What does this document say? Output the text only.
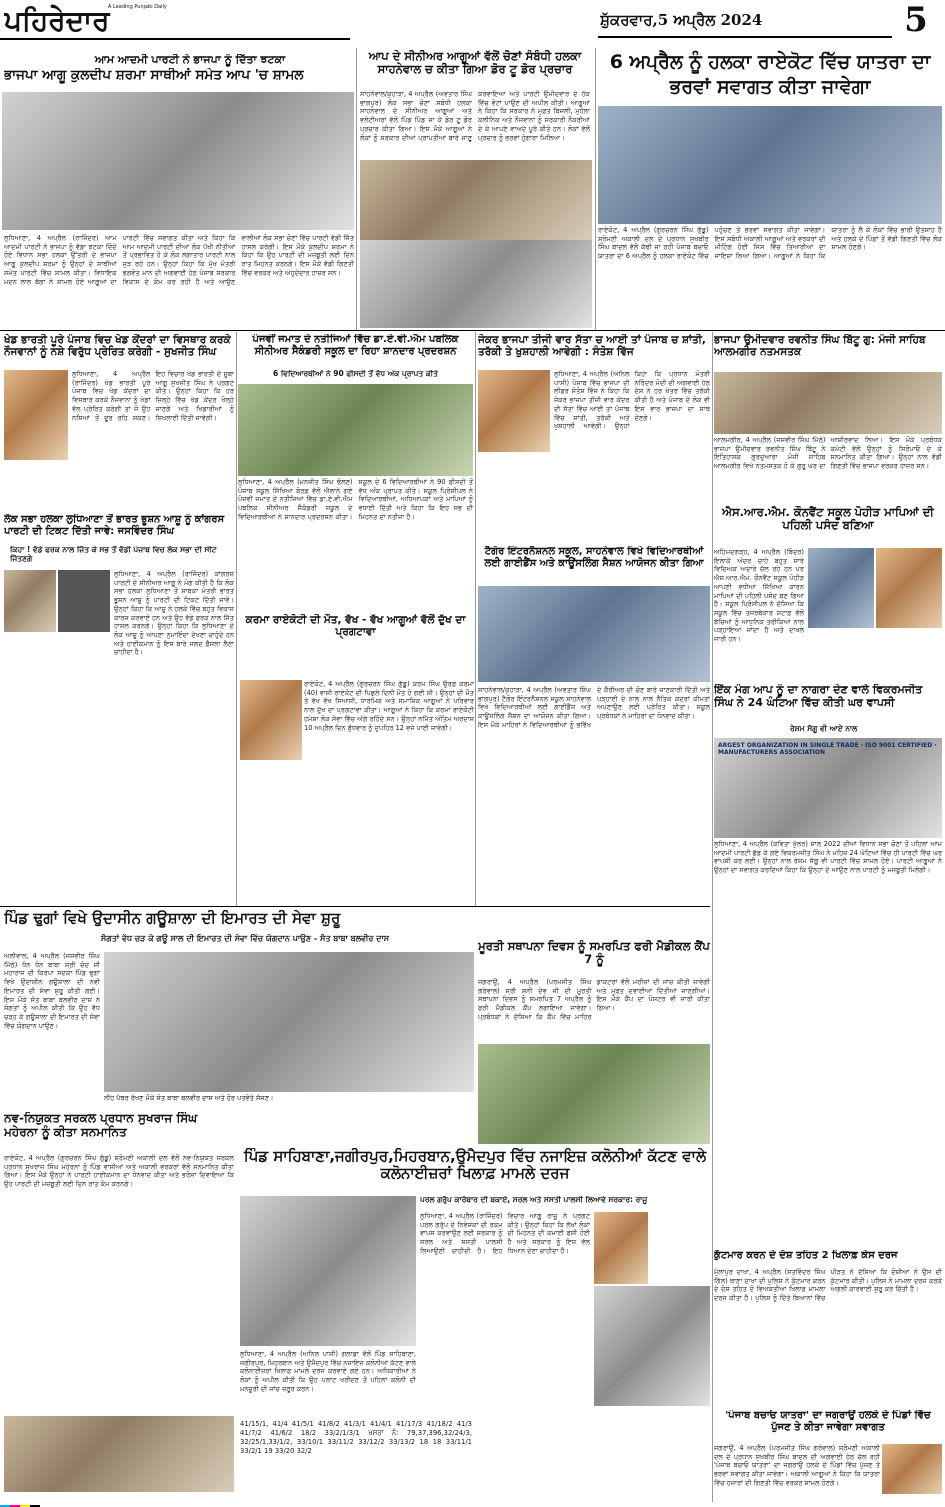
ਪਹਿਰੇਦਾਰ
A Leading Punjabi Daily
ਸ਼ੁੱਕਰਵਾਰ,5 ਅਪ੍ਰੈਲ 2024	5
ਆਮ ਆਦਮੀ ਪਾਰਟੀ ਨੇ ਭਾਜਪਾ ਨੂੰ ਦਿੱਤਾ ਝਟਕਾ
ਭਾਜਪਾ ਆਗੂ ਕੁਲਦੀਪ ਸ਼ਰਮਾ ਸਾਥੀਆਂ ਸਮੇਤ ਆਪ 'ਚ ਸ਼ਾਮਲ
ਲੁਧਿਆਣਾ, 4 ਅਪ੍ਰੈਲ (ਰਾਜਿੰਦਰ) ਆਮ ਆਦਮੀ ਪਾਰਟੀ ਨੇ ਭਾਜਪਾ ਨੂੰ ਵੱਡਾ ਝਟਕਾ ਦਿੰਦੇ ਹੋਏ ਵਿਧਾਨ ਸਭਾ ਹਲਕਾ ਉੱਤਰੀ ਦੇ ਭਾਜਪਾ ਆਗੂ ਕੁਲਦੀਪ ਸ਼ਰਮਾ ਨੂੰ ਉਨ੍ਹਾਂ ਦੇ ਸਾਥੀਆਂ ਸਮੇਤ ਪਾਰਟੀ ਵਿੱਚ ਸ਼ਾਮਲ ਕੀਤਾ। ਵਿਧਾਇਕ ਮਦਨ ਲਾਲ ਬੱਗਾ ਨੇ ਸ਼ਾਮਲ ਹੋਏ ਆਗੂਆਂ ਦਾ ਪਾਰਟੀ ਵਿੱਚ ਸਵਾਗਤ ਕੀਤਾ ਅਤੇ ਕਿਹਾ ਕਿ ਆਮ ਆਦਮੀ ਪਾਰਟੀ ਦੀਆਂ ਲੋਕ ਪੱਖੀ ਨੀਤੀਆਂ ਤੋਂ ਪ੍ਰਭਾਵਿਤ ਹੋ ਕੇ ਲੋਕ ਲਗਾਤਾਰ ਪਾਰਟੀ ਨਾਲ ਜੁੜ ਰਹੇ ਹਨ। ਉਨ੍ਹਾਂ ਕਿਹਾ ਕਿ ਮੁੱਖ ਮੰਤਰੀ ਭਗਵੰਤ ਮਾਨ ਦੀ ਅਗਵਾਈ ਹੇਠ ਪੰਜਾਬ ਸਰਕਾਰ ਵਿਕਾਸ ਦੇ ਕੰਮ ਕਰ ਰਹੀ ਹੈ ਅਤੇ ਆਉਣ ਵਾਲੀਆਂ ਲੋਕ ਸਭਾ ਚੋਣਾਂ ਵਿੱਚ ਪਾਰਟੀ ਵੱਡੀ ਜਿੱਤ ਹਾਸਲ ਕਰੇਗੀ। ਇਸ ਮੌਕੇ ਕੁਲਦੀਪ ਸ਼ਰਮਾ ਨੇ ਕਿਹਾ ਕਿ ਉਹ ਪਾਰਟੀ ਦੀ ਮਜ਼ਬੂਤੀ ਲਈ ਦਿਨ ਰਾਤ ਮਿਹਨਤ ਕਰਨਗੇ। ਇਸ ਮੌਕੇ ਵੱਡੀ ਗਿਣਤੀ ਵਿੱਚ ਵਰਕਰ ਅਤੇ ਅਹੁਦੇਦਾਰ ਹਾਜ਼ਰ ਸਨ।
ਆਪ ਦੇ ਸੀਨੀਅਰ ਆਗੂਆਂ ਵੱਲੋਂ ਚੋਣਾਂ ਸੰਬੰਧੀ ਹਲਕਾ ਸਾਹਨੇਵਾਲ ਚ ਕੀਤਾ ਗਿਆ ਡੋਰ ਟੂ ਡੋਰ ਪ੍ਰਚਾਰ
ਸਾਹਨੇਵਾਲ/ਕੁਹਾੜਾ, 4 ਅਪ੍ਰੈਲ (ਅਵਤਾਰ ਸਿੰਘ ਭਾਗਪੁਰ) ਲੋਕ ਸਭਾ ਚੋਣਾਂ ਸਬੰਧੀ ਹਲਕਾ ਸਾਹਨੇਵਾਲ ਦੇ ਸੀਨੀਅਰ ਆਗੂਆਂ ਅਤੇ ਵਲੰਟੀਅਰਾਂ ਵੱਲੋਂ ਪਿੰਡ ਪਿੰਡ ਜਾ ਕੇ ਡੋਰ ਟੂ ਡੋਰ ਪ੍ਰਚਾਰ ਕੀਤਾ ਗਿਆ। ਇਸ ਮੌਕੇ ਆਗੂਆਂ ਨੇ ਲੋਕਾਂ ਨੂੰ ਸਰਕਾਰ ਦੀਆਂ ਪ੍ਰਾਪਤੀਆਂ ਬਾਰੇ ਜਾਣੂ ਕਰਵਾਇਆ ਅਤੇ ਪਾਰਟੀ ਉਮੀਦਵਾਰ ਦੇ ਹੱਕ ਵਿੱਚ ਵੋਟਾਂ ਪਾਉਣ ਦੀ ਅਪੀਲ ਕੀਤੀ। ਆਗੂਆਂ ਨੇ ਕਿਹਾ ਕਿ ਸਰਕਾਰ ਨੇ ਮੁਫ਼ਤ ਬਿਜਲੀ, ਮੁਹੱਲਾ ਕਲੀਨਿਕ ਅਤੇ ਨੌਜਵਾਨਾਂ ਨੂੰ ਸਰਕਾਰੀ ਨੌਕਰੀਆਂ ਦੇ ਕੇ ਆਪਣੇ ਵਾਅਦੇ ਪੂਰੇ ਕੀਤੇ ਹਨ। ਲੋਕਾਂ ਵੱਲੋਂ ਪ੍ਰਚਾਰ ਨੂੰ ਭਰਵਾਂ ਹੁੰਗਾਰਾ ਮਿਲਿਆ।
6 ਅਪ੍ਰੈਲ ਨੂੰ ਹਲਕਾ ਰਾਏਕੋਟ ਵਿੱਚ ਯਾਤਰਾ ਦਾ ਭਰਵਾਂ ਸਵਾਗਤ ਕੀਤਾ ਜਾਵੇਗਾ
ਰਾਏਕੋਟ, 4 ਅਪ੍ਰੈਲ (ਗੁਰਚਰਨ ਸਿੰਘ ਗੁੱਡੂ) ਸ਼੍ਰੋਮਣੀ ਅਕਾਲੀ ਦਲ ਦੇ ਪ੍ਰਧਾਨ ਸੁਖਬੀਰ ਸਿੰਘ ਬਾਦਲ ਵੱਲੋਂ ਕੱਢੀ ਜਾ ਰਹੀ ਪੰਜਾਬ ਬਚਾਓ ਯਾਤਰਾ ਦਾ 6 ਅਪ੍ਰੈਲ ਨੂੰ ਹਲਕਾ ਰਾਏਕੋਟ ਵਿੱਚ ਪਹੁੰਚਣ ਤੇ ਭਰਵਾਂ ਸਵਾਗਤ ਕੀਤਾ ਜਾਵੇਗਾ। ਇਸ ਸਬੰਧੀ ਅਕਾਲੀ ਆਗੂਆਂ ਅਤੇ ਵਰਕਰਾਂ ਦੀ ਮੀਟਿੰਗ ਹੋਈ ਜਿਸ ਵਿੱਚ ਤਿਆਰੀਆਂ ਦਾ ਜਾਇਜ਼ਾ ਲਿਆ ਗਿਆ। ਆਗੂਆਂ ਨੇ ਕਿਹਾ ਕਿ ਯਾਤਰਾ ਨੂੰ ਲੈ ਕੇ ਲੋਕਾਂ ਵਿੱਚ ਭਾਰੀ ਉਤਸ਼ਾਹ ਹੈ ਅਤੇ ਹਲਕੇ ਦੇ ਪਿੰਡਾਂ ਤੋਂ ਵੱਡੀ ਗਿਣਤੀ ਵਿੱਚ ਲੋਕ ਸ਼ਾਮਲ ਹੋਣਗੇ।
ਖੇਡ ਭਾਰਤੀ ਪੂਰੇ ਪੰਜਾਬ ਵਿਚ ਖੇਡ ਕੇਂਦਰਾਂ ਦਾ ਵਿਸਥਾਰ ਕਰਕੇ ਨੌਜਵਾਨਾਂ ਨੂੰ ਨਸ਼ੇ ਵਿਰੁੱਧ ਪ੍ਰੇਰਿਤ ਕਰੇਗੀ - ਸੁਖਜੀਤ ਸਿੰਘ
ਲੁਧਿਆਣਾ, 4 ਅਪ੍ਰੈਲ (ਰਾਜਿੰਦਰ) ਖੇਡ ਭਾਰਤੀ ਪੂਰੇ ਪੰਜਾਬ ਵਿਚ ਖੇਡ ਕੇਂਦਰਾਂ ਦਾ ਵਿਸਥਾਰ ਕਰਕੇ ਨੌਜਵਾਨਾਂ ਨੂੰ ਖੇਡਾਂ ਵੱਲ ਪ੍ਰੇਰਿਤ ਕਰੇਗੀ ਤਾਂ ਜੋ ਉਹ ਨਸ਼ਿਆਂ ਤੋਂ ਦੂਰ ਰਹਿ ਸਕਣ। ਇਹ ਵਿਚਾਰ ਖੇਡ ਭਾਰਤੀ ਦੇ ਸੂਬਾ ਆਗੂ ਸੁਖਜੀਤ ਸਿੰਘ ਨੇ ਪ੍ਰਗਟ ਕੀਤੇ। ਉਨ੍ਹਾਂ ਕਿਹਾ ਕਿ ਹਰ ਜ਼ਿਲ੍ਹੇ ਵਿੱਚ ਖੇਡ ਕੇਂਦਰ ਖੋਲ੍ਹੇ ਜਾਣਗੇ ਅਤੇ ਖਿਡਾਰੀਆਂ ਨੂੰ ਸਿਖਲਾਈ ਦਿੱਤੀ ਜਾਵੇਗੀ।
ਲੋਕ ਸਭਾ ਹਲਕਾ ਲੁਧਿਆਣਾ ਤੋਂ ਭਾਰਤ ਭੂਸ਼ਨ ਆਸ਼ੂ ਨੂੰ ਕਾਂਗਰਸ ਪਾਰਟੀ ਦੀ ਟਿਕਟ ਦਿੱਤੀ ਜਾਵੇ: ਜਸਵਿੰਦਰ ਸਿੰਘ
ਕਿਹਾ ! ਵੱਡੇ ਫਰਕ ਨਾਲ ਜਿੱਤ ਕੇ ਸਭ ਤੋਂ ਵੱਡੀ ਪੰਜਾਬ ਵਿਚ ਲੋਕ ਸਭਾ ਦੀ ਸੀਟ ਜਿੱਤਣਗੇ
ਲੁਧਿਆਣਾ, 4 ਅਪ੍ਰੈਲ (ਰਾਜਿੰਦਰ) ਕਾਂਗਰਸ ਪਾਰਟੀ ਦੇ ਸੀਨੀਅਰ ਆਗੂ ਨੇ ਮੰਗ ਕੀਤੀ ਹੈ ਕਿ ਲੋਕ ਸਭਾ ਹਲਕਾ ਲੁਧਿਆਣਾ ਤੋਂ ਸਾਬਕਾ ਮੰਤਰੀ ਭਾਰਤ ਭੂਸ਼ਨ ਆਸ਼ੂ ਨੂੰ ਪਾਰਟੀ ਦੀ ਟਿਕਟ ਦਿੱਤੀ ਜਾਵੇ। ਉਨ੍ਹਾਂ ਕਿਹਾ ਕਿ ਆਸ਼ੂ ਨੇ ਹਲਕੇ ਵਿੱਚ ਬਹੁਤ ਵਿਕਾਸ ਕਾਰਜ ਕਰਵਾਏ ਹਨ ਅਤੇ ਉਹ ਵੱਡੇ ਫਰਕ ਨਾਲ ਜਿੱਤ ਹਾਸਲ ਕਰਨਗੇ। ਉਨ੍ਹਾਂ ਕਿਹਾ ਕਿ ਲੁਧਿਆਣਾ ਦੇ ਲੋਕ ਆਸ਼ੂ ਨੂੰ ਆਪਣਾ ਨੁਮਾਇੰਦਾ ਦੇਖਣਾ ਚਾਹੁੰਦੇ ਹਨ ਅਤੇ ਹਾਈਕਮਾਨ ਨੂੰ ਇਸ ਬਾਰੇ ਜਲਦ ਫ਼ੈਸਲਾ ਲੈਣਾ ਚਾਹੀਦਾ ਹੈ।
ਪੰਜਵੀਂ ਜਮਾਤ ਦੇ ਨਤੀਜਿਆਂ ਵਿੱਚ ਡਾ.ਏ.ਵੀ.ਐਮ ਪਬਲਿਕ ਸੀਨੀਅਰ ਸੈਕੰਡਰੀ ਸਕੂਲ ਦਾ ਰਿਹਾ ਸ਼ਾਨਦਾਰ ਪ੍ਰਦਰਸ਼ਨ
6 ਵਿਦਿਆਰਥੀਆਂ ਨੇ 90 ਫੀਸਦੀ ਤੋਂ ਵੱਧ ਅੰਕ ਪ੍ਰਾਪਤ ਕੀਤੇ
ਲੁਧਿਆਣਾ, 4 ਅਪ੍ਰੈਲ (ਮਨਜੀਤ ਸਿੰਘ ਢੋਲਣ) ਪੰਜਾਬ ਸਕੂਲ ਸਿੱਖਿਆ ਬੋਰਡ ਵੱਲੋਂ ਐਲਾਨੇ ਗਏ ਪੰਜਵੀਂ ਜਮਾਤ ਦੇ ਨਤੀਜਿਆਂ ਵਿੱਚ ਡਾ.ਏ.ਵੀ.ਐਮ ਪਬਲਿਕ ਸੀਨੀਅਰ ਸੈਕੰਡਰੀ ਸਕੂਲ ਦੇ ਵਿਦਿਆਰਥੀਆਂ ਨੇ ਸ਼ਾਨਦਾਰ ਪ੍ਰਦਰਸ਼ਨ ਕੀਤਾ। ਸਕੂਲ ਦੇ 6 ਵਿਦਿਆਰਥੀਆਂ ਨੇ 90 ਫੀਸਦੀ ਤੋਂ ਵੱਧ ਅੰਕ ਪ੍ਰਾਪਤ ਕੀਤੇ। ਸਕੂਲ ਪ੍ਰਿੰਸੀਪਲ ਨੇ ਵਿਦਿਆਰਥੀਆਂ, ਅਧਿਆਪਕਾਂ ਅਤੇ ਮਾਪਿਆਂ ਨੂੰ ਵਧਾਈ ਦਿੱਤੀ ਅਤੇ ਕਿਹਾ ਕਿ ਇਹ ਸਭ ਦੀ ਮਿਹਨਤ ਦਾ ਨਤੀਜਾ ਹੈ।
ਕਰਮਾ ਰਾਏਕੋਟੀ ਦੀ ਮੌਤ, ਵੱਖ - ਵੱਖ ਆਗੂਆਂ ਵੱਲੋਂ ਦੁੱਖ ਦਾ ਪ੍ਰਗਟਾਵਾ
ਰਾਏਕੋਟ, 4 ਅਪ੍ਰੈਲ (ਗੁਰਚਰਨ ਸਿੰਘ ਗੁੱਡੂ) ਕਰਮ ਸਿੰਘ ਉਰਫ਼ ਕਰਮਾ (40) ਵਾਸੀ ਰਾਏਕੋਟ ਦੀ ਪਿਛਲੇ ਦਿਨੀਂ ਮੌਤ ਹੋ ਗਈ ਸੀ। ਉਨ੍ਹਾਂ ਦੀ ਮੌਤ ਤੇ ਵੱਖ ਵੱਖ ਸਿਆਸੀ, ਧਾਰਮਿਕ ਅਤੇ ਸਮਾਜਿਕ ਆਗੂਆਂ ਨੇ ਪਰਿਵਾਰ ਨਾਲ ਦੁੱਖ ਦਾ ਪ੍ਰਗਟਾਵਾ ਕੀਤਾ। ਆਗੂਆਂ ਨੇ ਕਿਹਾ ਕਿ ਕਰਮਾ ਰਾਏਕੋਟੀ ਹਮੇਸ਼ਾ ਲੋਕ ਸੇਵਾ ਵਿੱਚ ਅੱਗੇ ਰਹਿੰਦੇ ਸਨ। ਉਨ੍ਹਾਂ ਨਮਿੱਤ ਅੰਤਿਮ ਅਰਦਾਸ 10 ਅਪ੍ਰੈਲ ਦਿਨ ਬੁੱਧਵਾਰ ਨੂੰ ਦੁਪਹਿਰ 12 ਵਜੇ ਪਾਈ ਜਾਵੇਗੀ।
ਜੇਕਰ ਭਾਜਪਾ ਤੀਜੀ ਵਾਰ ਸੱਤਾ ਚ ਆਈ ਤਾਂ ਪੰਜਾਬ ਚ ਸ਼ਾਂਤੀ, ਤਰੱਕੀ ਤੇ ਖੁਸ਼ਹਾਲੀ ਆਵੇਗੀ : ਸੰਤੋਸ਼ ਵਿੱਜ
ਲੁਧਿਆਣਾ, 4 ਅਪ੍ਰੈਲ (ਅਨਿਲ ਪਾਸੀ) ਪੰਜਾਬ ਵਿੱਚ ਭਾਜਪਾ ਦੀ ਲੀਡਰ ਸੰਤੋਸ਼ ਵਿੱਜ ਨੇ ਕਿਹਾ ਕਿ ਜੇਕਰ ਭਾਜਪਾ ਤੀਜੀ ਵਾਰ ਕੇਂਦਰ ਦੀ ਸੱਤਾ ਵਿੱਚ ਆਈ ਤਾਂ ਪੰਜਾਬ ਵਿੱਚ ਸ਼ਾਂਤੀ, ਤਰੱਕੀ ਅਤੇ ਖੁਸ਼ਹਾਲੀ ਆਵੇਗੀ। ਉਨ੍ਹਾਂ ਕਿਹਾ ਕਿ ਪ੍ਰਧਾਨ ਮੰਤਰੀ ਨਰਿੰਦਰ ਮੋਦੀ ਦੀ ਅਗਵਾਈ ਹੇਠ ਦੇਸ਼ ਨੇ ਹਰ ਖੇਤਰ ਵਿੱਚ ਤਰੱਕੀ ਕੀਤੀ ਹੈ ਅਤੇ ਪੰਜਾਬ ਦੇ ਲੋਕ ਵੀ ਇਸ ਵਾਰ ਭਾਜਪਾ ਦਾ ਸਾਥ ਦੇਣਗੇ।
ਟੈਗੋਰ ਇੰਟਰਨੈਸ਼ਨਲ ਸਕੂਲ, ਸਾਹਨੇਵਾਲ ਵਿਖੇ ਵਿਦਿਆਰਥੀਆਂ ਲਈ ਗਾਈਡੈਂਸ ਅਤੇ ਕਾਊਂਸਲਿੰਗ ਸੈਸ਼ਨ ਆਯੋਜਨ ਕੀਤਾ ਗਿਆ
ਸਾਹਨੇਵਾਲ/ਕੁਹਾੜਾ, 4 ਅਪ੍ਰੈਲ (ਅਵਤਾਰ ਸਿੰਘ ਭਾਗਪੁਰ) ਟੈਗੋਰ ਇੰਟਰਨੈਸ਼ਨਲ ਸਕੂਲ ਸਾਹਨੇਵਾਲ ਵਿਖੇ ਵਿਦਿਆਰਥੀਆਂ ਲਈ ਗਾਈਡੈਂਸ ਅਤੇ ਕਾਊਂਸਲਿੰਗ ਸੈਸ਼ਨ ਦਾ ਆਯੋਜਨ ਕੀਤਾ ਗਿਆ। ਇਸ ਮੌਕੇ ਮਾਹਿਰਾਂ ਨੇ ਵਿਦਿਆਰਥੀਆਂ ਨੂੰ ਭਵਿੱਖ ਦੇ ਕੈਰੀਅਰ ਦੀ ਚੋਣ ਬਾਰੇ ਜਾਣਕਾਰੀ ਦਿੱਤੀ ਅਤੇ ਪੜ੍ਹਾਈ ਦੇ ਨਾਲ ਨਾਲ ਨੈਤਿਕ ਕਦਰਾਂ ਕੀਮਤਾਂ ਅਪਣਾਉਣ ਲਈ ਪ੍ਰੇਰਿਤ ਕੀਤਾ। ਸਕੂਲ ਪ੍ਰਬੰਧਕਾਂ ਨੇ ਮਾਹਿਰਾਂ ਦਾ ਧੰਨਵਾਦ ਕੀਤਾ।
ਭਾਜਪਾ ਉਮੀਦਵਾਰ ਰਵਨੀਤ ਸਿੰਘ ਬਿੱਟੂ ਗੁ: ਮੰਜੀ ਸਾਹਿਬ ਆਲਮਗੀਰ ਨਤਮਸਤਕ
ਆਲਮਗੀਰ, 4 ਅਪ੍ਰੈਲ (ਜਸਵੀਰ ਸਿੰਘ ਮਿੱਠੇ) ਭਾਜਪਾ ਉਮੀਦਵਾਰ ਰਵਨੀਤ ਸਿੰਘ ਬਿੱਟੂ ਨੇ ਇਤਿਹਾਸਕ ਗੁਰਦੁਆਰਾ ਮੰਜੀ ਸਾਹਿਬ ਆਲਮਗੀਰ ਵਿਖੇ ਨਤਮਸਤਕ ਹੋ ਕੇ ਗੁਰੂ ਘਰ ਦਾ ਆਸ਼ੀਰਵਾਦ ਲਿਆ। ਇਸ ਮੌਕੇ ਪ੍ਰਬੰਧਕ ਕਮੇਟੀ ਵੱਲੋਂ ਉਨ੍ਹਾਂ ਨੂੰ ਸਿਰੋਪਾਓ ਦੇ ਕੇ ਸਨਮਾਨਿਤ ਕੀਤਾ ਗਿਆ। ਉਨ੍ਹਾਂ ਨਾਲ ਵੱਡੀ ਗਿਣਤੀ ਵਿੱਚ ਭਾਜਪਾ ਵਰਕਰ ਹਾਜ਼ਰ ਸਨ।
ਐਸ.ਆਰ.ਐਮ. ਕੌਨਵੈਂਟ ਸਕੂਲ ਪੋਹੀੜ ਮਾਪਿਆਂ ਦੀ ਪਹਿਲੀ ਪਸੰਦ ਬਣਿਆ
ਅਹਿਮਦਗੜ੍ਹ, 4 ਅਪ੍ਰੈਲ (ਬਿੰਦਰ) ਇਲਾਕੇ ਅੰਦਰ ਚਾਹੇ ਬਹੁਤ ਸਾਰੇ ਵਿਦਿਅਕ ਅਦਾਰੇ ਚੱਲ ਰਹੇ ਹਨ ਪਰ ਐਸ.ਆਰ.ਐਮ. ਕੌਨਵੈਂਟ ਸਕੂਲ ਪੋਹੀੜ ਆਪਣੀ ਵਧੀਆ ਸਿੱਖਿਆ ਕਾਰਨ ਮਾਪਿਆਂ ਦੀ ਪਹਿਲੀ ਪਸੰਦ ਬਣ ਗਿਆ ਹੈ। ਸਕੂਲ ਪ੍ਰਿੰਸੀਪਲ ਨੇ ਦੱਸਿਆ ਕਿ ਸਕੂਲ ਵਿੱਚ ਤਜਰਬੇਕਾਰ ਸਟਾਫ਼ ਵੱਲੋਂ ਬੱਚਿਆਂ ਨੂੰ ਆਧੁਨਿਕ ਤਰੀਕਿਆਂ ਨਾਲ ਪੜ੍ਹਾਇਆ ਜਾਂਦਾ ਹੈ ਅਤੇ ਦਾਖਲੇ ਜਾਰੀ ਹਨ।
ਇੱਕ ਮੰਗ ਆਪ ਨੂੰ ਦਾ ਨਾਗਰਾ ਦੇਣ ਵਾਲੇ ਵਿਕਰਮਜੀਤ ਸਿੰਘ ਨੇ 24 ਘੰਟਿਆ ਵਿੱਚ ਕੀਤੀ ਘਰ ਵਾਪਸੀ
ਰੇਸ਼ਮ ਸੱਗੂ ਵੀ ਆਏ ਨਾਲ
ARGEST ORGANIZATION IN SINGLE TRADE · ISO 9001 CERTIFIED · MANUFACTURERS ASSOCIATION
ਲੁਧਿਆਣਾ, 4 ਅਪ੍ਰੈਲ (ਕਵਿਤਾ ਖੁੱਲਰ) ਸਾਲ 2022 ਦੀਆਂ ਵਿਧਾਨ ਸਭਾ ਚੋਣਾਂ ਤੋਂ ਪਹਿਲਾਂ ਆਮ ਆਦਮੀ ਪਾਰਟੀ ਛੱਡ ਕੇ ਗਏ ਵਿਕਰਮਜੀਤ ਸਿੰਘ ਨੇ ਮਹਿਜ਼ 24 ਘੰਟਿਆਂ ਵਿੱਚ ਹੀ ਪਾਰਟੀ ਵਿੱਚ ਘਰ ਵਾਪਸੀ ਕਰ ਲਈ। ਉਨ੍ਹਾਂ ਨਾਲ ਰੇਸ਼ਮ ਸੱਗੂ ਵੀ ਪਾਰਟੀ ਵਿੱਚ ਸ਼ਾਮਲ ਹੋਏ। ਪਾਰਟੀ ਆਗੂਆਂ ਨੇ ਉਨ੍ਹਾਂ ਦਾ ਸਵਾਗਤ ਕਰਦਿਆਂ ਕਿਹਾ ਕਿ ਉਨ੍ਹਾਂ ਦੇ ਆਉਣ ਨਾਲ ਪਾਰਟੀ ਨੂੰ ਮਜ਼ਬੂਤੀ ਮਿਲੇਗੀ।
ਪਿੰਡ ਢੁਗਾਂ ਵਿਖੇ ਉਦਾਸੀਨ ਗਊਸ਼ਾਲਾ ਦੀ ਇਮਾਰਤ ਦੀ ਸੇਵਾ ਸ਼ੁਰੂ
ਸੰਗਤਾਂ ਵੱਧ ਚੜ ਕੇ ਗਊ ਸਾਲ ਦੀ ਇਮਾਰਤ ਦੀ ਸੇਵਾ ਵਿੱਚ ਯੋਗਦਾਨ ਪਾਉਣ - ਸੰਤ ਬਾਬਾ ਬਲਵੀਰ ਦਾਸ
ਅਲੀਵਾਲ, 4 ਅਪ੍ਰੈਲ (ਜਸਵੀਰ ਸਿੰਘ ਮਿੱਠੇ) ਧੰਨ ਧੰਨ ਬਾਬਾ ਸ੍ਰੀ ਚੰਦ ਜੀ ਮਹਾਰਾਜ ਦੀ ਕਿਰਪਾ ਸਦਕਾ ਪਿੰਡ ਢੁਗਾਂ ਵਿਖੇ ਉਦਾਸੀਨ ਗਊਸ਼ਾਲਾ ਦੀ ਨਵੀਂ ਇਮਾਰਤ ਦੀ ਸੇਵਾ ਸ਼ੁਰੂ ਕੀਤੀ ਗਈ। ਇਸ ਮੌਕੇ ਸੰਤ ਬਾਬਾ ਬਲਵੀਰ ਦਾਸ ਨੇ ਸੰਗਤਾਂ ਨੂੰ ਅਪੀਲ ਕੀਤੀ ਕਿ ਉਹ ਵੱਧ ਚੜ੍ਹ ਕੇ ਗਊਸ਼ਾਲਾ ਦੀ ਇਮਾਰਤ ਦੀ ਸੇਵਾ ਵਿੱਚ ਯੋਗਦਾਨ ਪਾਉਣ।
ਨੀਂਹ ਪੱਥਰ ਰੱਖਣ ਮੌਕੇ ਸੰਤ ਬਾਬਾ ਬਲਵੀਰ ਦਾਸ ਅਤੇ ਹੋਰ ਪਤਵੰਤੇ ਸੱਜਣ।
ਮੂਰਤੀ ਸਥਾਪਨਾ ਦਿਵਸ ਨੂੰ ਸਮਰਪਿਤ ਫਰੀ ਮੈਡੀਕਲ ਕੈਂਪ 7 ਨੂੰ
ਜਗਰਾਉਂ, 4 ਅਪ੍ਰੈਲ (ਪਰਮਜੀਤ ਸਿੰਘ ਗਰੇਵਾਲ) ਸ੍ਰੀ ਸ਼ਨੀ ਦੇਵ ਜੀ ਦੀ ਮੂਰਤੀ ਸਥਾਪਨਾ ਦਿਵਸ ਨੂੰ ਸਮਰਪਿਤ 7 ਅਪ੍ਰੈਲ ਨੂੰ ਫਰੀ ਮੈਡੀਕਲ ਕੈਂਪ ਲਗਾਇਆ ਜਾਵੇਗਾ। ਪ੍ਰਬੰਧਕਾਂ ਨੇ ਦੱਸਿਆ ਕਿ ਕੈਂਪ ਵਿੱਚ ਮਾਹਿਰ ਡਾਕਟਰਾਂ ਵੱਲੋਂ ਮਰੀਜ਼ਾਂ ਦੀ ਜਾਂਚ ਕੀਤੀ ਜਾਵੇਗੀ ਅਤੇ ਮੁਫ਼ਤ ਦਵਾਈਆਂ ਦਿੱਤੀਆਂ ਜਾਣਗੀਆਂ। ਇਸ ਮੌਕੇ ਕੈਂਪ ਦਾ ਪੋਸਟਰ ਵੀ ਜਾਰੀ ਕੀਤਾ ਗਿਆ।
ਨਵ-ਨਿਯੁਕਤ ਸਰਕਲ ਪ੍ਰਧਾਨ ਸੁਖਰਾਜ ਸਿੰਘ ਮਹੇਰਨਾ ਨੂੰ ਕੀਤਾ ਸਨਮਾਨਿਤ
ਰਾਏਕੋਟ, 4 ਅਪ੍ਰੈਲ (ਗੁਰਚਰਨ ਸਿੰਘ ਗੁੱਡੂ) ਸ਼੍ਰੋਮਣੀ ਅਕਾਲੀ ਦਲ ਵੱਲੋਂ ਨਵ-ਨਿਯੁਕਤ ਸਰਕਲ ਪ੍ਰਧਾਨ ਸੁਖਰਾਜ ਸਿੰਘ ਮਹੇਰਨਾ ਨੂੰ ਪਿੰਡ ਵਾਸੀਆਂ ਅਤੇ ਅਕਾਲੀ ਵਰਕਰਾਂ ਵੱਲੋਂ ਸਨਮਾਨਿਤ ਕੀਤਾ ਗਿਆ। ਇਸ ਮੌਕੇ ਉਨ੍ਹਾਂ ਨੇ ਪਾਰਟੀ ਹਾਈਕਮਾਨ ਦਾ ਧੰਨਵਾਦ ਕੀਤਾ ਅਤੇ ਭਰੋਸਾ ਦਿਵਾਇਆ ਕਿ ਉਹ ਪਾਰਟੀ ਦੀ ਮਜ਼ਬੂਤੀ ਲਈ ਦਿਨ ਰਾਤ ਕੰਮ ਕਰਨਗੇ।
ਪਿੰਡ ਸਾਹਿਬਾਣਾ,ਜਗੀਰਪੁਰ,ਮਿਹਰਬਾਨ,ਉਮੈਦਪੁਰ ਵਿੱਚ ਨਜਾਇਜ਼ ਕਲੋਨੀਆਂ ਕੱਟਣ ਵਾਲੇ ਕਲੋਨਾਈਜ਼ਰਾਂ ਖਿਲਾਫ਼ ਮਾਮਲੇ ਦਰਜ
ਲੁਧਿਆਣਾ, 4 ਅਪ੍ਰੈਲ (ਅਨਿਲ ਪਾਸੀ) ਗਲਾਡਾ ਵੱਲੋਂ ਪਿੰਡ ਸਾਹਿਬਾਣਾ, ਜਗੀਰਪੁਰ, ਮਿਹਰਬਾਨ ਅਤੇ ਉਮੈਦਪੁਰ ਵਿੱਚ ਨਜਾਇਜ਼ ਕਲੋਨੀਆਂ ਕੱਟਣ ਵਾਲੇ ਕਲੋਨਾਈਜ਼ਰਾਂ ਖਿਲਾਫ਼ ਮਾਮਲੇ ਦਰਜ ਕਰਵਾਏ ਗਏ ਹਨ। ਅਧਿਕਾਰੀਆਂ ਨੇ ਲੋਕਾਂ ਨੂੰ ਅਪੀਲ ਕੀਤੀ ਕਿ ਉਹ ਪਲਾਟ ਖਰੀਦਣ ਤੋਂ ਪਹਿਲਾਂ ਕਲੋਨੀ ਦੀ ਮਨਜ਼ੂਰੀ ਦੀ ਜਾਂਚ ਜ਼ਰੂਰ ਕਰਨ।
41/15/1, 41/4 41/5/1 41/8/2 41/3/1 41/4/1 41/17/3 41/18/2 41/3 41/7/2 41/6/2 18/2 33/2/1/3/1 ਖਸਰਾ ਨੰ: 79,37,396,32/24/3, 32/25/1,33/1/2, 33/10/1 33/11/2 33/12/2 33/13/2 18 18 33/11/1 33/2/1 19 33/20 32/2
ਪਰਲ ਗਰੁੱਪ ਕਾਰੋਬਾਰ ਦੀ ਬਕਾਏ, ਸਰਲ ਅਤੇ ਸਸਤੀ ਪਾਲਸੀ ਲਿਆਵੇ ਸਰਕਾਰ: ਰਾਜੂ
ਲੁਧਿਆਣਾ, 4 ਅਪ੍ਰੈਲ (ਰਾਜਿੰਦਰ) ਪਰਲ ਗਰੁੱਪ ਦੇ ਨਿਵੇਸ਼ਕਾਂ ਦੀ ਰਕਮ ਵਾਪਸ ਕਰਵਾਉਣ ਲਈ ਸਰਕਾਰ ਨੂੰ ਸਰਲ ਅਤੇ ਸਸਤੀ ਪਾਲਸੀ ਲਿਆਉਣੀ ਚਾਹੀਦੀ ਹੈ। ਇਹ ਵਿਚਾਰ ਆਗੂ ਰਾਜੂ ਨੇ ਪ੍ਰਗਟ ਕੀਤੇ। ਉਨ੍ਹਾਂ ਕਿਹਾ ਕਿ ਲੱਖਾਂ ਲੋਕਾਂ ਦੀ ਮਿਹਨਤ ਦੀ ਕਮਾਈ ਫਸੀ ਹੋਈ ਹੈ ਅਤੇ ਸਰਕਾਰ ਨੂੰ ਇਸ ਵੱਲ ਧਿਆਨ ਦੇਣਾ ਚਾਹੀਦਾ ਹੈ।	ਕੁੱਟਮਾਰ ਕਰਨ ਦੇ ਦੋਸ਼ ਤਹਿਤ 2 ਖਿਲਾਫ਼ ਕੇਸ ਦਰਜ
ਮੁੱਲਾਂਪੁਰ ਦਾਖਾ, 4 ਅਪ੍ਰੈਲ (ਸਤਵਿੰਦਰ ਸਿੰਘ ਗਿੱਲ) ਥਾਣਾ ਦਾਖਾ ਦੀ ਪੁਲਿਸ ਨੇ ਕੁੱਟਮਾਰ ਕਰਨ ਦੇ ਦੋਸ਼ ਤਹਿਤ ਦੋ ਵਿਅਕਤੀਆਂ ਖਿਲਾਫ਼ ਮਾਮਲਾ ਦਰਜ ਕੀਤਾ ਹੈ। ਪੁਲਿਸ ਨੂੰ ਦਿੱਤੇ ਬਿਆਨਾਂ ਵਿੱਚ ਪੀੜਤ ਨੇ ਦੱਸਿਆ ਕਿ ਦੋਸ਼ੀਆਂ ਨੇ ਉਸ ਦੀ ਕੁੱਟਮਾਰ ਕੀਤੀ। ਪੁਲਿਸ ਨੇ ਮਾਮਲਾ ਦਰਜ ਕਰਕੇ ਅਗਲੀ ਕਾਰਵਾਈ ਸ਼ੁਰੂ ਕਰ ਦਿੱਤੀ ਹੈ।
'ਪੰਜਾਬ ਬਚਾਓ ਯਾਤਰਾ' ਦਾ ਜਗਰਾਉਂ ਹਲਕੇ ਦੇ ਪਿੰਡਾਂ ਵਿੱਚ ਪੁੱਜਣ ਤੇ ਕੀਤਾ ਜਾਵੇਗਾ ਸਵਾਗਤ
ਜਗਰਾਉਂ, 4 ਅਪ੍ਰੈਲ (ਪਰਮਜੀਤ ਸਿੰਘ ਗਰੇਵਾਲ) ਸ਼੍ਰੋਮਣੀ ਅਕਾਲੀ ਦਲ ਦੇ ਪ੍ਰਧਾਨ ਸੁਖਬੀਰ ਸਿੰਘ ਬਾਦਲ ਦੀ ਅਗਵਾਈ ਹੇਠ ਚੱਲ ਰਹੀ 'ਪੰਜਾਬ ਬਚਾਓ ਯਾਤਰਾ' ਦਾ ਜਗਰਾਉਂ ਹਲਕੇ ਦੇ ਪਿੰਡਾਂ ਵਿੱਚ ਪੁੱਜਣ ਤੇ ਭਰਵਾਂ ਸਵਾਗਤ ਕੀਤਾ ਜਾਵੇਗਾ। ਅਕਾਲੀ ਆਗੂਆਂ ਨੇ ਕਿਹਾ ਕਿ ਯਾਤਰਾ ਵਿੱਚ ਹਜ਼ਾਰਾਂ ਦੀ ਗਿਣਤੀ ਵਿੱਚ ਵਰਕਰ ਸ਼ਾਮਲ ਹੋਣਗੇ।
